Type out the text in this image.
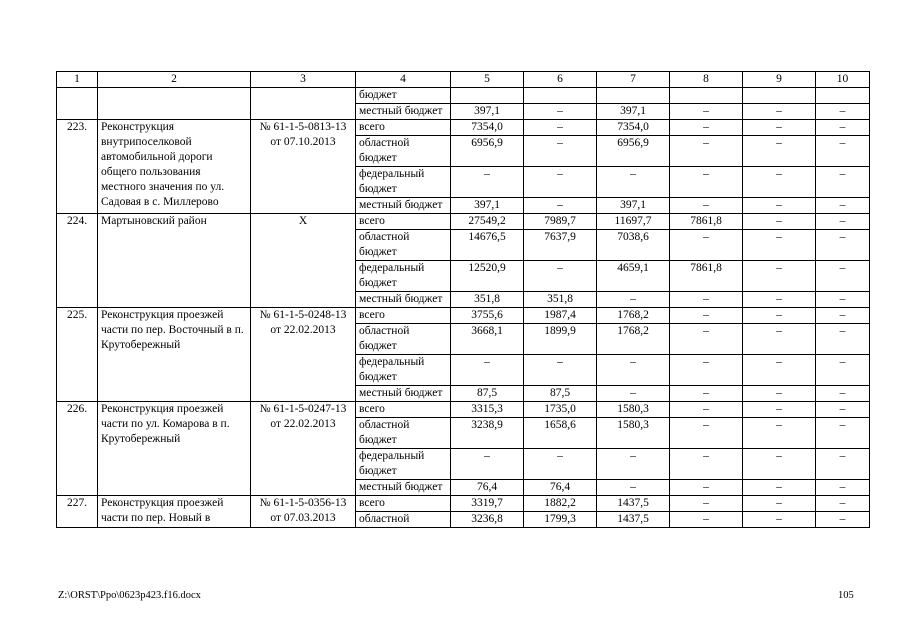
1	2	3	4	5	6	7	8	9	10
			бюджет						
			местный бюджет	397,1	–	397,1	–	–	–
223.	Реконструкция внутрипоселковой автомобильной дороги общего пользования местного значения по ул. Садовая в с. Миллерово	№ 61-1-5-0813-13 от 07.10.2013	всего	7354,0	–	7354,0	–	–	–
			областной бюджет	6956,9	–	6956,9	–	–	–
			федеральный бюджет	–	–	–	–	–	–
			местный бюджет	397,1	–	397,1	–	–	–
224.	Мартыновский район	Х	всего	27549,2	7989,7	11697,7	7861,8	–	–
			областной бюджет	14676,5	7637,9	7038,6	–	–	–
			федеральный бюджет	12520,9	–	4659,1	7861,8	–	–
			местный бюджет	351,8	351,8	–	–	–	–
225.	Реконструкция проезжей части по пер. Восточный в п. Крутобережный	№ 61-1-5-0248-13 от 22.02.2013	всего	3755,6	1987,4	1768,2	–	–	–
			областной бюджет	3668,1	1899,9	1768,2	–	–	–
			федеральный бюджет	–	–	–	–	–	–
			местный бюджет	87,5	87,5	–	–	–	–
226.	Реконструкция проезжей части по ул. Комарова в п. Крутобережный	№ 61-1-5-0247-13 от 22.02.2013	всего	3315,3	1735,0	1580,3	–	–	–
			областной бюджет	3238,9	1658,6	1580,3	–	–	–
			федеральный бюджет	–	–	–	–	–	–
			местный бюджет	76,4	76,4	–	–	–	–
227.	Реконструкция проезжей части по пер. Новый в	№ 61-1-5-0356-13 от 07.03.2013	всего	3319,7	1882,2	1437,5	–	–	–
			областной	3236,8	1799,3	1437,5	–	–	–
Z:\ORST\Ppo\0623p423.f16.docx	105
